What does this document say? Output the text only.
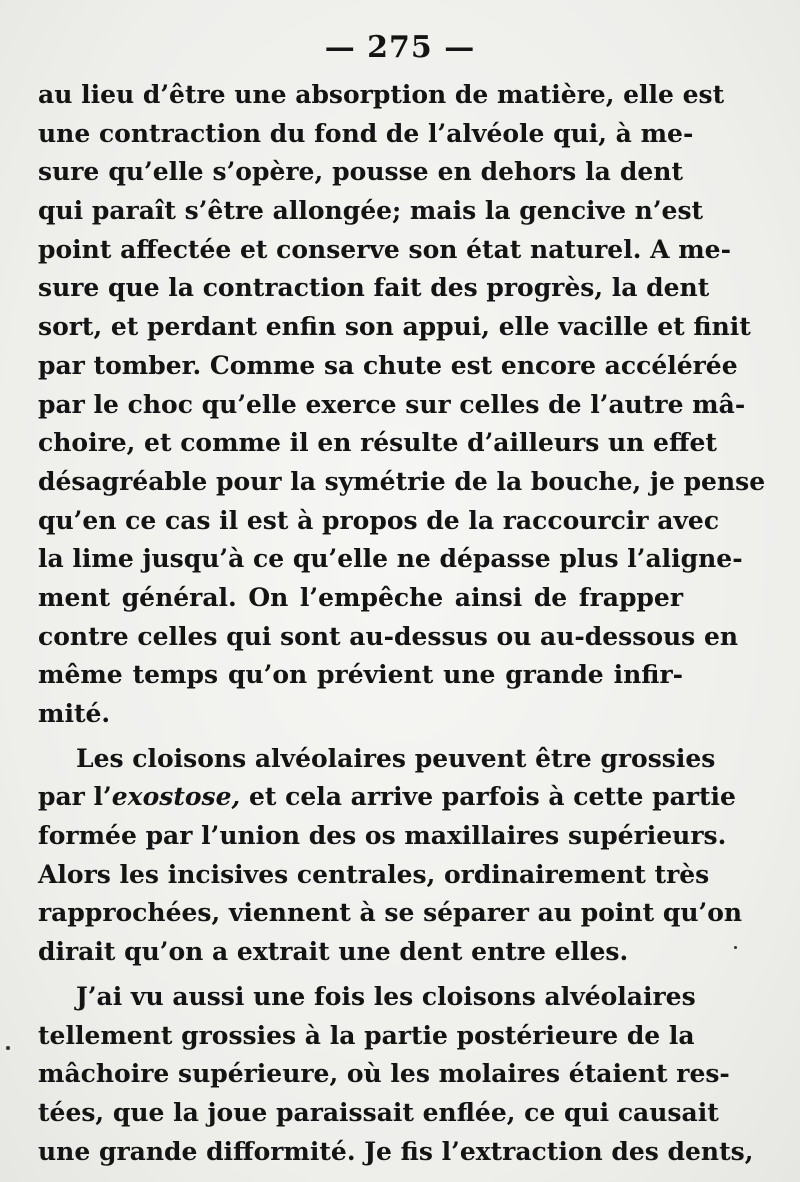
— 275 —
au lieu d’être une absorption de matière, elle est
une contraction du fond de l’alvéole qui, à me-
sure qu’elle s’opère, pousse en dehors la dent
qui paraît s’être allongée; mais la gencive n’est
point affectée et conserve son état naturel. A me-
sure que la contraction fait des progrès, la dent
sort, et perdant enfin son appui, elle vacille et finit
par tomber. Comme sa chute est encore accélérée
par le choc qu’elle exerce sur celles de l’autre mâ-
choire, et comme il en résulte d’ailleurs un effet
désagréable pour la symétrie de la bouche, je pense
qu’en ce cas il est à propos de la raccourcir avec
la lime jusqu’à ce qu’elle ne dépasse plus l’aligne-
ment général. On l’empêche ainsi de frapper
contre celles qui sont au-dessus ou au-dessous en
même temps qu’on prévient une grande infir-
mité.
Les cloisons alvéolaires peuvent être grossies
par l’exostose, et cela arrive parfois à cette partie
formée par l’union des os maxillaires supérieurs.
Alors les incisives centrales, ordinairement très
rapprochées, viennent à se séparer au point qu’on
dirait qu’on a extrait une dent entre elles.
J’ai vu aussi une fois les cloisons alvéolaires
tellement grossies à la partie postérieure de la
mâchoire supérieure, où les molaires étaient res-
tées, que la joue paraissait enflée, ce qui causait
une grande difformité. Je fis l’extraction des dents,
